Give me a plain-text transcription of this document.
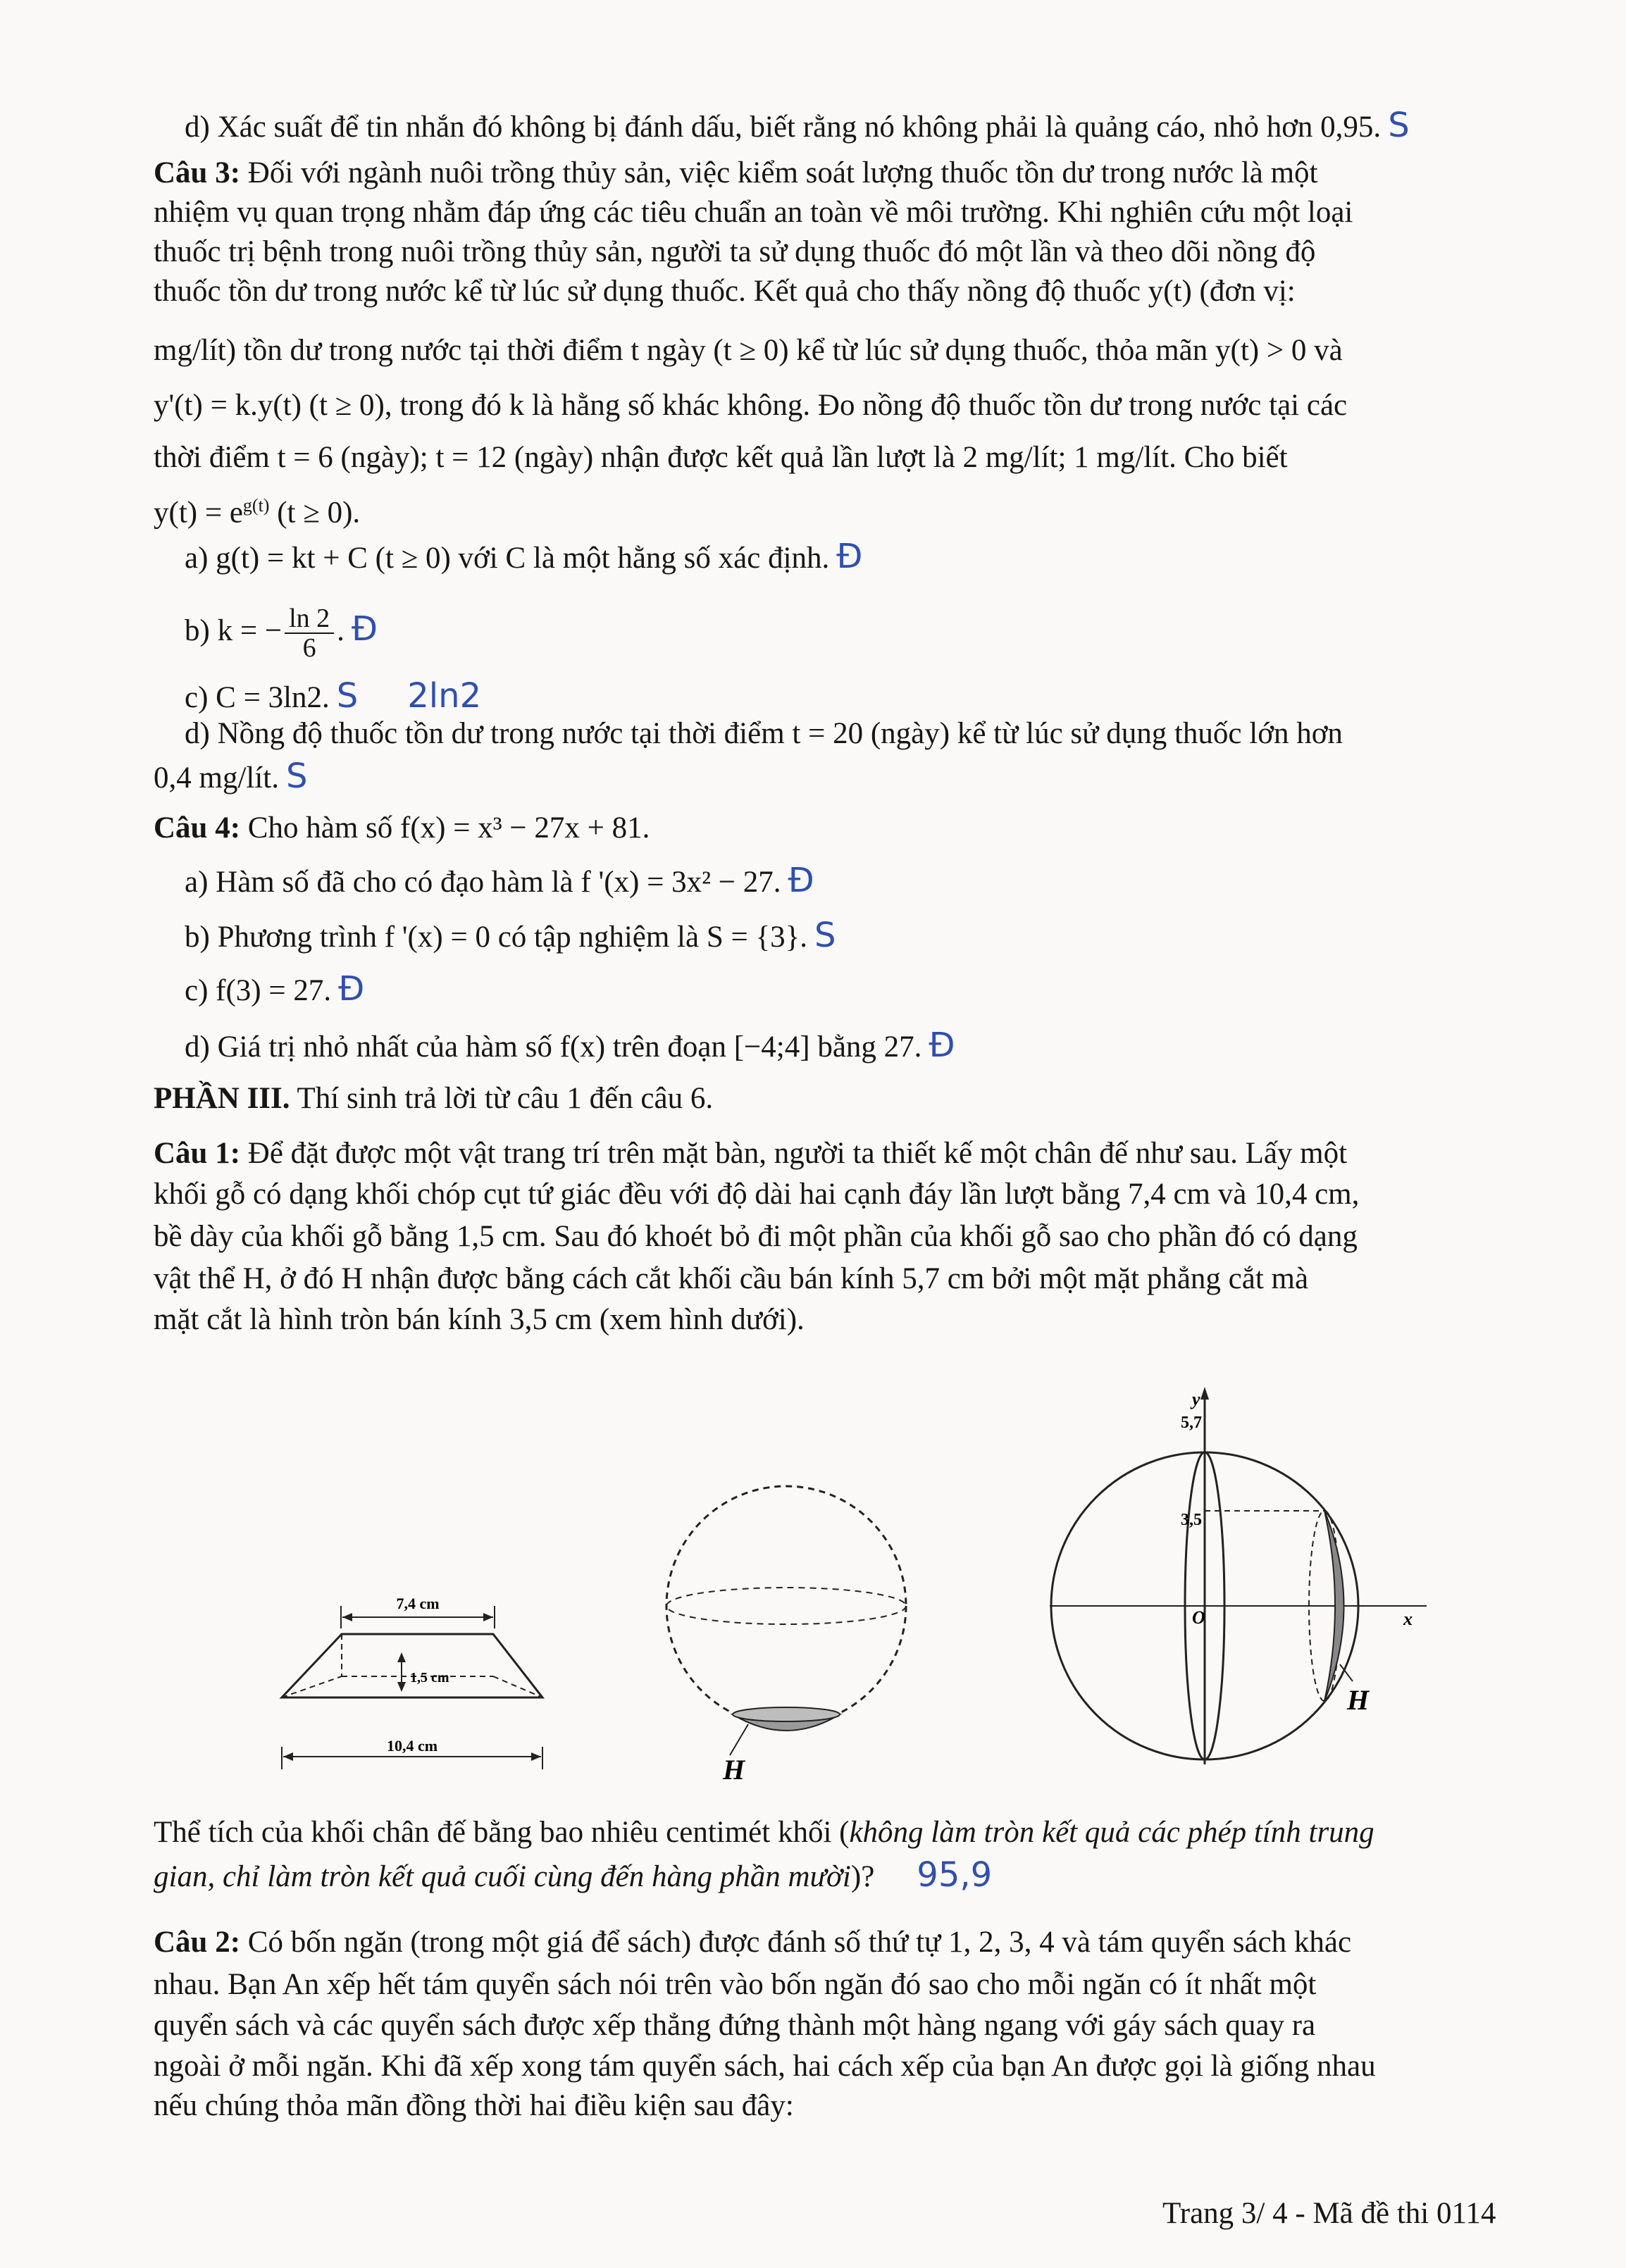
d) Xác suất để tin nhắn đó không bị đánh dấu, biết rằng nó không phải là quảng cáo, nhỏ hơn 0,95. S
Câu 3: Đối với ngành nuôi trồng thủy sản, việc kiểm soát lượng thuốc tồn dư trong nước là một
nhiệm vụ quan trọng nhằm đáp ứng các tiêu chuẩn an toàn về môi trường. Khi nghiên cứu một loại
thuốc trị bệnh trong nuôi trồng thủy sản, người ta sử dụng thuốc đó một lần và theo dõi nồng độ
thuốc tồn dư trong nước kể từ lúc sử dụng thuốc. Kết quả cho thấy nồng độ thuốc y(t) (đơn vị:
mg/lít) tồn dư trong nước tại thời điểm t ngày (t ≥ 0) kể từ lúc sử dụng thuốc, thỏa mãn y(t) > 0 và
y'(t) = k.y(t) (t ≥ 0), trong đó k là hằng số khác không. Đo nồng độ thuốc tồn dư trong nước tại các
thời điểm t = 6 (ngày); t = 12 (ngày) nhận được kết quả lần lượt là 2 mg/lít; 1 mg/lít. Cho biết
$y(t) = e^{g(t)}$ (t ≥ 0).
a) g(t) = kt + C (t ≥ 0) với C là một hằng số xác định. Đ
b) k = − $\frac{\ln 2}{6}$ . Đ
c) C = 3ln2. S 2ln2
d) Nồng độ thuốc tồn dư trong nước tại thời điểm t = 20 (ngày) kể từ lúc sử dụng thuốc lớn hơn
0,4 mg/lít. S
Câu 4: Cho hàm số f(x) = x³ − 27x + 81.
a) Hàm số đã cho có đạo hàm là f '(x) = 3x² − 27. Đ
b) Phương trình f '(x) = 0 có tập nghiệm là S = {3}. S
c) f(3) = 27. Đ
d) Giá trị nhỏ nhất của hàm số f(x) trên đoạn [−4;4] bằng 27. Đ
PHẦN III. Thí sinh trả lời từ câu 1 đến câu 6.
Câu 1: Để đặt được một vật trang trí trên mặt bàn, người ta thiết kế một chân đế như sau. Lấy một
khối gỗ có dạng khối chóp cụt tứ giác đều với độ dài hai cạnh đáy lần lượt bằng 7,4 cm và 10,4 cm,
bề dày của khối gỗ bằng 1,5 cm. Sau đó khoét bỏ đi một phần của khối gỗ sao cho phần đó có dạng
vật thể H, ở đó H nhận được bằng cách cắt khối cầu bán kính 5,7 cm bởi một mặt phẳng cắt mà
mặt cắt là hình tròn bán kính 3,5 cm (xem hình dưới).
7,4 cm
1,5 cm
10,4 cm
H
y
5,7
x
O
3,5
H
Thể tích của khối chân đế bằng bao nhiêu centimét khối (không làm tròn kết quả các phép tính trung
gian, chỉ làm tròn kết quả cuối cùng đến hàng phần mười)? 95,9
Câu 2: Có bốn ngăn (trong một giá để sách) được đánh số thứ tự 1, 2, 3, 4 và tám quyển sách khác
nhau. Bạn An xếp hết tám quyển sách nói trên vào bốn ngăn đó sao cho mỗi ngăn có ít nhất một
quyển sách và các quyển sách được xếp thẳng đứng thành một hàng ngang với gáy sách quay ra
ngoài ở mỗi ngăn. Khi đã xếp xong tám quyển sách, hai cách xếp của bạn An được gọi là giống nhau
nếu chúng thỏa mãn đồng thời hai điều kiện sau đây:
Trang 3/ 4 - Mã đề thi 0114
